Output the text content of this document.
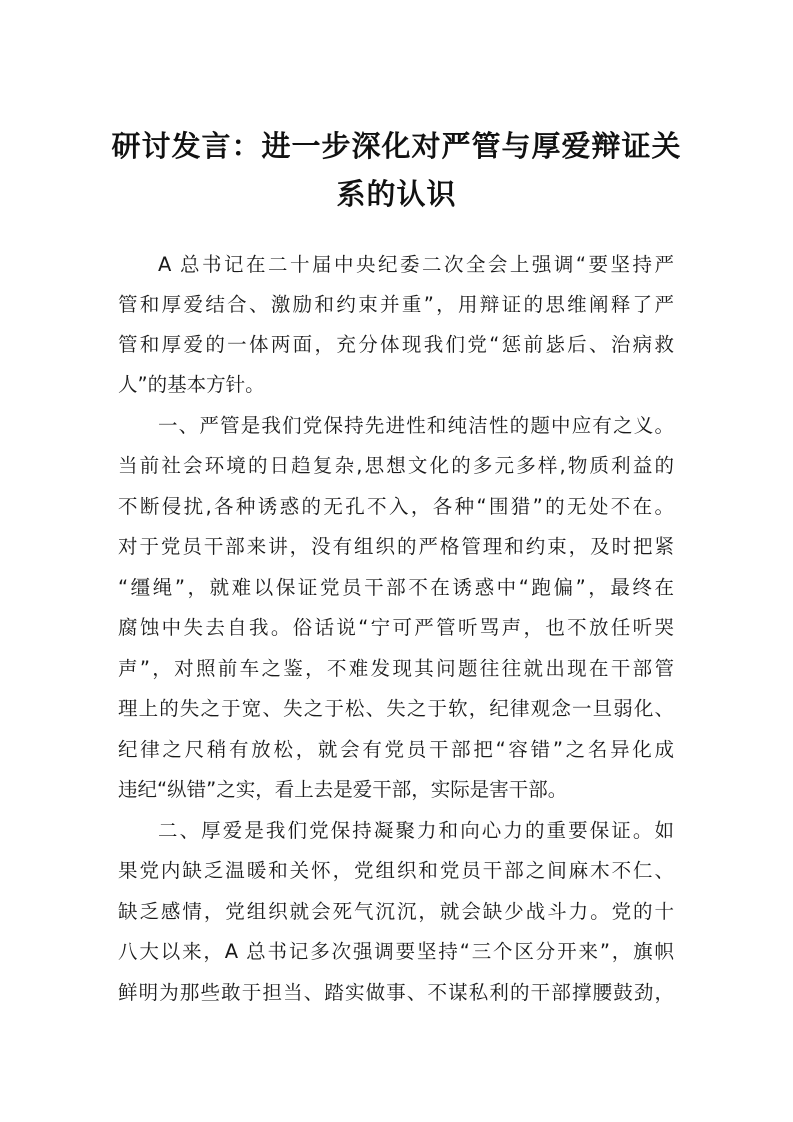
研讨发言：进一步深化对严管与厚爱辩证关
系的认识
A 总书记在二十届中央纪委二次全会上强调“要坚持严
管和厚爱结合、激励和约束并重”，用辩证的思维阐释了严
管和厚爱的一体两面，充分体现我们党“惩前毖后、治病救
人”的基本方针。
一、严管是我们党保持先进性和纯洁性的题中应有之义。
当前社会环境的日趋复杂,思想文化的多元多样,物质利益的
不断侵扰,各种诱惑的无孔不入，各种“围猎”的无处不在。
对于党员干部来讲，没有组织的严格管理和约束，及时把紧
“缰绳”，就难以保证党员干部不在诱惑中“跑偏”，最终在
腐蚀中失去自我。俗话说“宁可严管听骂声，也不放任听哭
声”，对照前车之鉴，不难发现其问题往往就出现在干部管
理上的失之于宽、失之于松、失之于软，纪律观念一旦弱化、
纪律之尺稍有放松，就会有党员干部把“容错”之名异化成
违纪“纵错”之实，看上去是爱干部，实际是害干部。
二、厚爱是我们党保持凝聚力和向心力的重要保证。如
果党内缺乏温暖和关怀，党组织和党员干部之间麻木不仁、
缺乏感情，党组织就会死气沉沉，就会缺少战斗力。党的十
八大以来，A 总书记多次强调要坚持“三个区分开来”，旗帜
鲜明为那些敢于担当、踏实做事、不谋私利的干部撑腰鼓劲，
